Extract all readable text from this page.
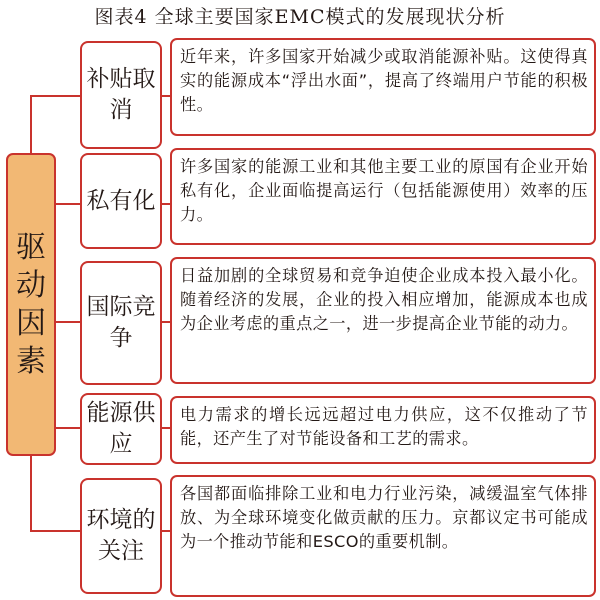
图表4 全球主要国家EMC模式的发展现状分析
驱动因素
补贴取消
近年来，许多国家开始减少或取消能源补贴。这使得真实的能源成本“浮出水面”，提高了终端用户节能的积极性。
私有化
许多国家的能源工业和其他主要工业的原国有企业开始私有化，企业面临提高运行（包括能源使用）效率的压力。
国际竞争
日益加剧的全球贸易和竞争迫使企业成本投入最小化。随着经济的发展，企业的投入相应增加，能源成本也成为企业考虑的重点之一，进一步提高企业节能的动力。
能源供应
电力需求的增长远远超过电力供应，这不仅推动了节能，还产生了对节能设备和工艺的需求。
环境的关注
各国都面临排除工业和电力行业污染，减缓温室气体排放、为全球环境变化做贡献的压力。京都议定书可能成为一个推动节能和ESCO的重要机制。
